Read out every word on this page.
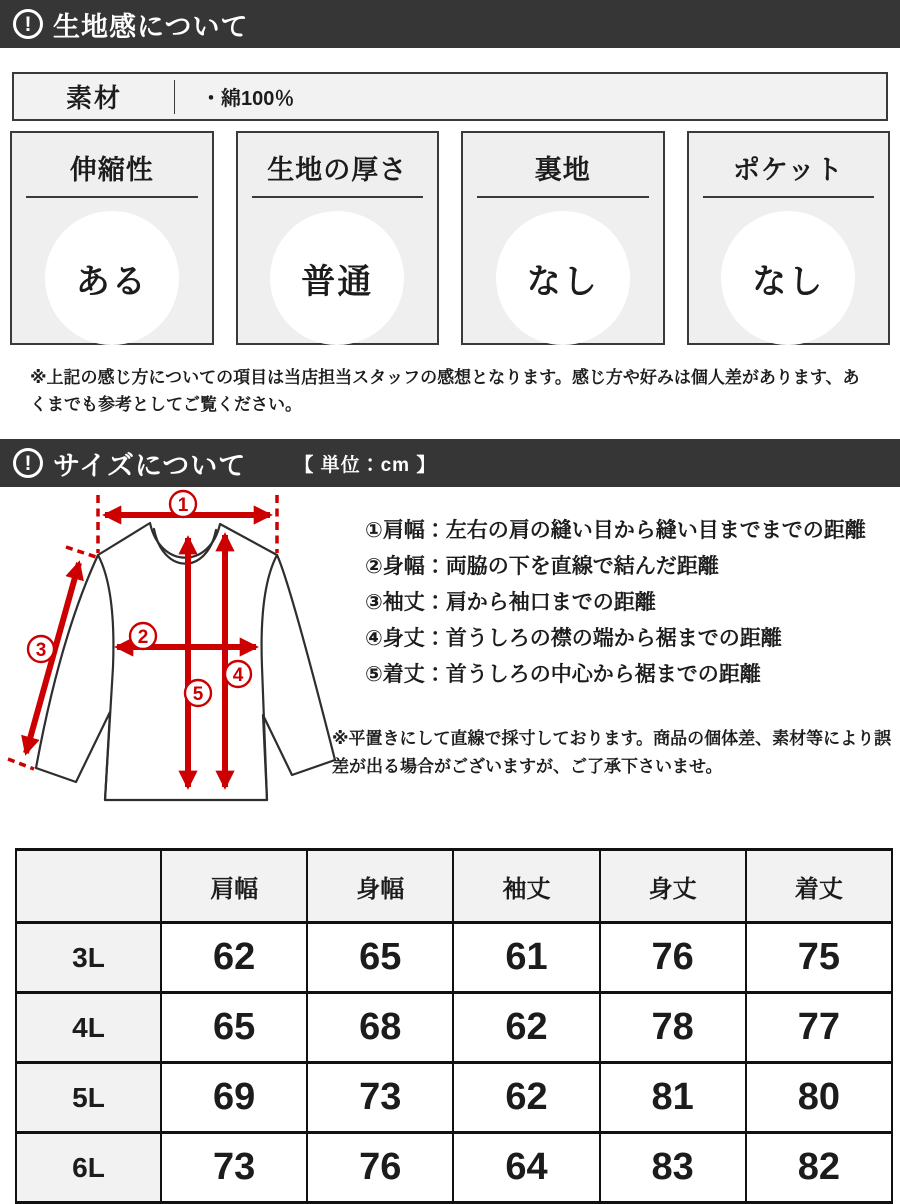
! 生地感について
素材	・綿100％
伸縮性
ある
生地の厚さ
普通
裏地
なし
ポケット
なし
※上記の感じ方についての項目は当店担当スタッフの感想となります。感じ方や好みは個人差があります、あくまでも参考としてご覧ください。
! サイズについて	【 単位：cm 】
1
2
3
4
5
①肩幅：左右の肩の縫い目から縫い目までまでの距離
②身幅：両脇の下を直線で結んだ距離
③袖丈：肩から袖口までの距離
④身丈：首うしろの襟の端から裾までの距離
⑤着丈：首うしろの中心から裾までの距離
※平置きにして直線で採寸しております。商品の個体差、素材等により誤差が出る場合がございますが、ご了承下さいませ。
	肩幅	身幅	袖丈	身丈	着丈
3L	62	65	61	76	75
4L	65	68	62	78	77
5L	69	73	62	81	80
6L	73	76	64	83	82
